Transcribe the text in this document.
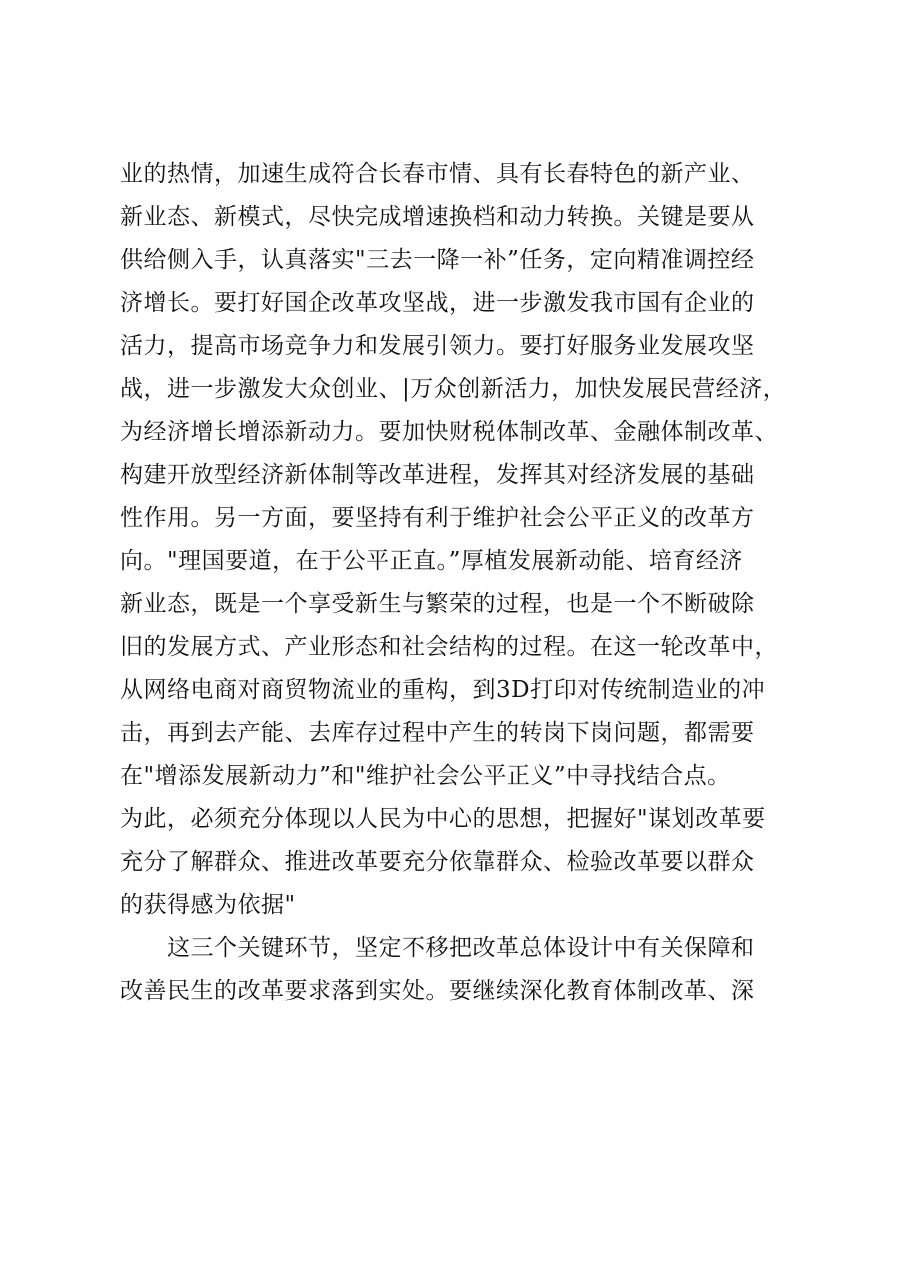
业的热情，加速生成符合长春市情、具有长春特色的新产业、
新业态、新模式，尽快完成增速换档和动力转换。关键是要从
供给侧入手，认真落实"三去一降一补”任务，定向精准调控经
济增长。要打好国企改革攻坚战，进一步激发我市国有企业的
活力，提高市场竞争力和发展引领力。要打好服务业发展攻坚
战，进一步激发大众创业、|万众创新活力，加快发展民营经济，
为经济增长增添新动力。要加快财税体制改革、金融体制改革、
构建开放型经济新体制等改革进程，发挥其对经济发展的基础
性作用。另一方面，要坚持有利于维护社会公平正义的改革方
向。"理国要道，在于公平正直。”厚植发展新动能、培育经济
新业态，既是一个享受新生与繁荣的过程，也是一个不断破除
旧的发展方式、产业形态和社会结构的过程。在这一轮改革中，
从网络电商对商贸物流业的重构，到3D打印对传统制造业的冲
击，再到去产能、去库存过程中产生的转岗下岗问题，都需要
在"增添发展新动力”和"维护社会公平正义”中寻找结合点。
为此，必须充分体现以人民为中心的思想，把握好"谋划改革要
充分了解群众、推进改革要充分依靠群众、检验改革要以群众
的获得感为依据"
　　这三个关键环节，坚定不移把改革总体设计中有关保障和
改善民生的改革要求落到实处。要继续深化教育体制改革、深
